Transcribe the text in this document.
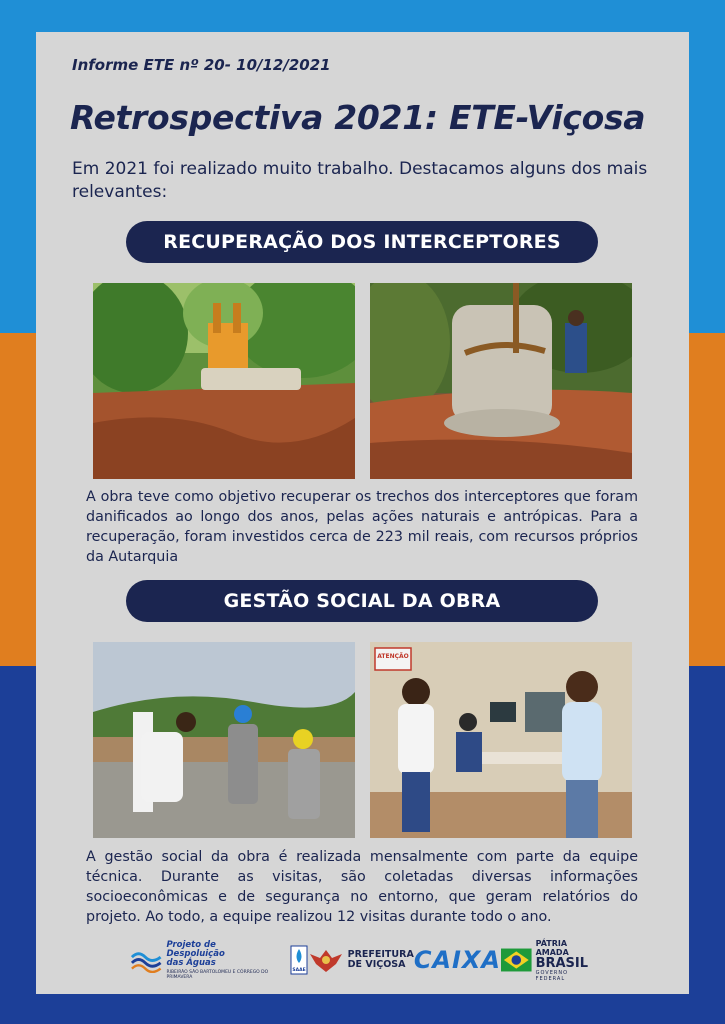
Informe ETE nº 20- 10/12/2021

Retrospectiva 2021: ETE-Viçosa

Em 2021 foi realizado muito trabalho. Destacamos alguns dos mais relevantes:

RECUPERAÇÃO DOS INTERCEPTORES

A obra teve como objetivo recuperar os trechos dos interceptores que foram danificados ao longo dos anos, pelas ações naturais e antrópicas. Para a recuperação, foram investidos cerca de 223 mil reais, com recursos próprios da Autarquia

GESTÃO SOCIAL DA OBRA
ATENÇÃO

A gestão social da obra é realizada mensalmente com parte da equipe técnica. Durante as visitas, são coletadas diversas informações socioeconômicas e de segurança no entorno, que geram relatórios do projeto. Ao todo, a equipe realizou 12 visitas durante todo o ano.

Projeto de
Despoluição
das Águas
RIBEIRÃO SÃO BARTOLOMEU E CÓRREGO DO PRIMAVERA
SAAE
PREFEITURA
DE VIÇOSA CAIXA
PÁTRIA AMADA
BRASIL
GOVERNO FEDERAL
